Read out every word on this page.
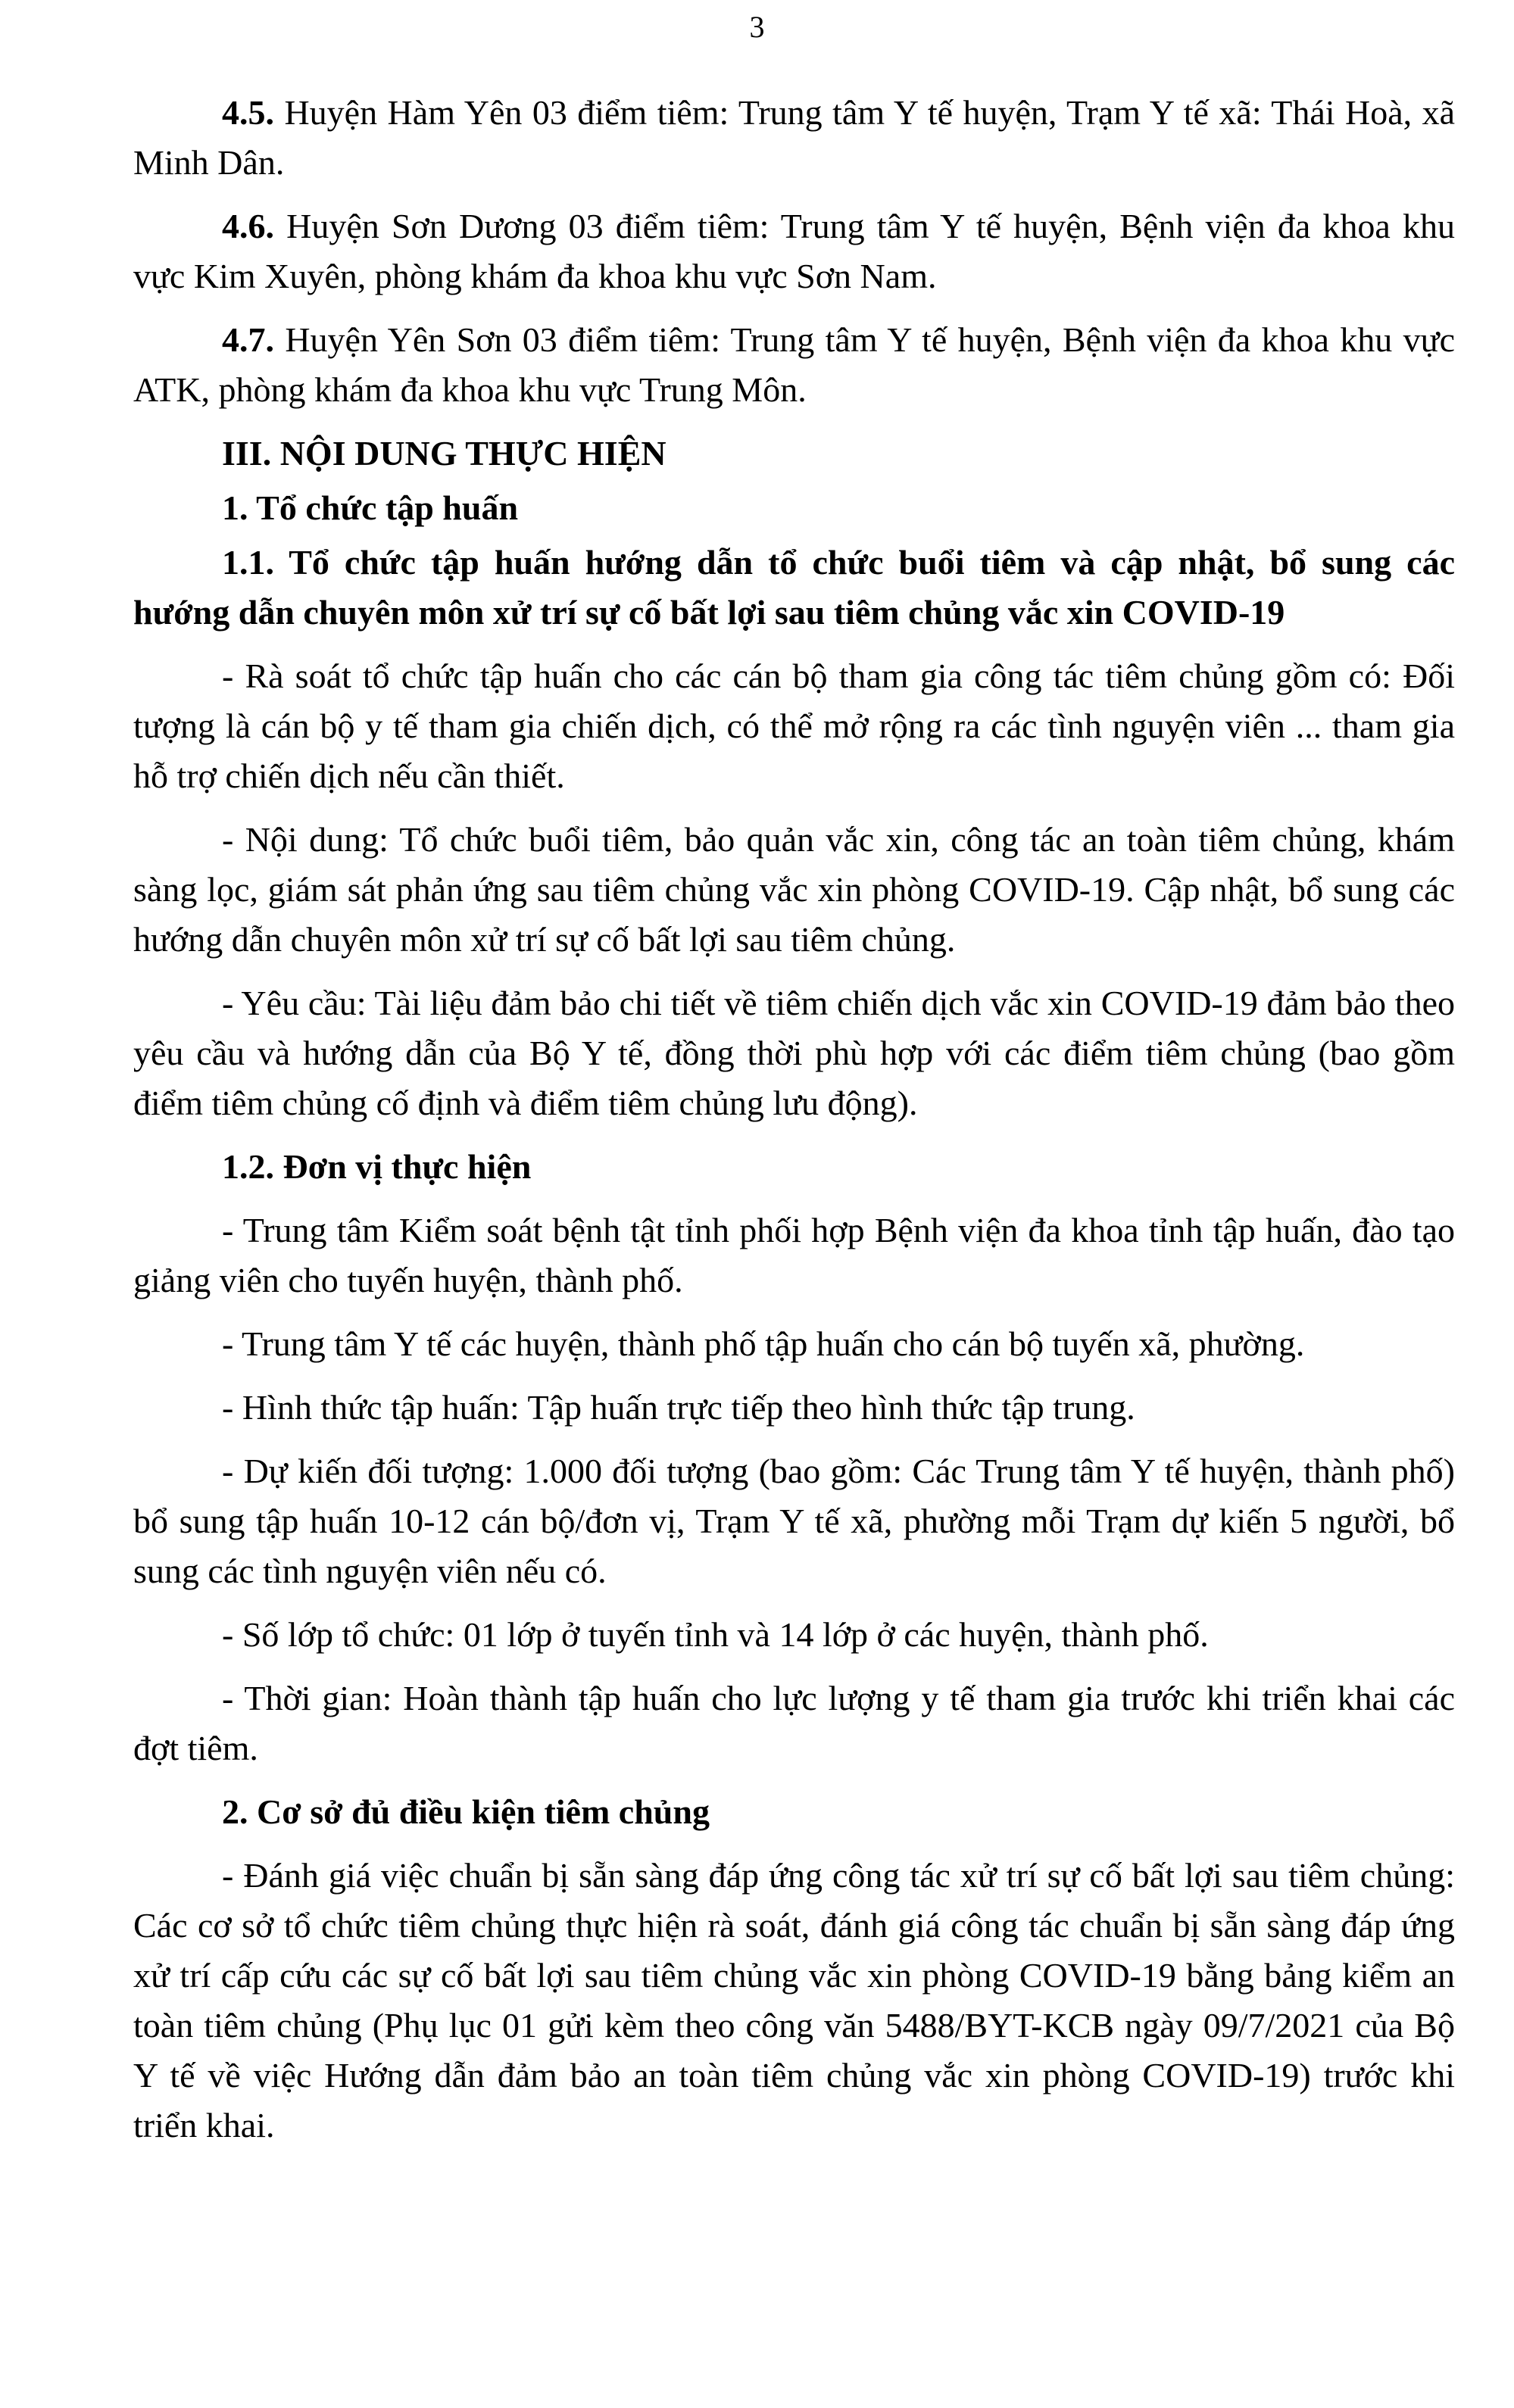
3

4.5. Huyện Hàm Yên 03 điểm tiêm: Trung tâm Y tế huyện, Trạm Y tế xã: Thái Hoà, xã Minh Dân.

4.6. Huyện Sơn Dương 03 điểm tiêm: Trung tâm Y tế huyện, Bệnh viện đa khoa khu vực Kim Xuyên, phòng khám đa khoa khu vực Sơn Nam.

4.7. Huyện Yên Sơn 03 điểm tiêm: Trung tâm Y tế huyện, Bệnh viện đa khoa khu vực ATK, phòng khám đa khoa khu vực Trung Môn.

III. NỘI DUNG THỰC HIỆN

1. Tổ chức tập huấn

1.1. Tổ chức tập huấn hướng dẫn tổ chức buổi tiêm và cập nhật, bổ sung các hướng dẫn chuyên môn xử trí sự cố bất lợi sau tiêm chủng vắc xin COVID-19

- Rà soát tổ chức tập huấn cho các cán bộ tham gia công tác tiêm chủng gồm có: Đối tượng là cán bộ y tế tham gia chiến dịch, có thể mở rộng ra các tình nguyện viên ... tham gia hỗ trợ chiến dịch nếu cần thiết.

- Nội dung: Tổ chức buổi tiêm, bảo quản vắc xin, công tác an toàn tiêm chủng, khám sàng lọc, giám sát phản ứng sau tiêm chủng vắc xin phòng COVID-19. Cập nhật, bổ sung các hướng dẫn chuyên môn xử trí sự cố bất lợi sau tiêm chủng.

- Yêu cầu: Tài liệu đảm bảo chi tiết về tiêm chiến dịch vắc xin COVID-19 đảm bảo theo yêu cầu và hướng dẫn của Bộ Y tế, đồng thời phù hợp với các điểm tiêm chủng (bao gồm điểm tiêm chủng cố định và điểm tiêm chủng lưu động).

1.2. Đơn vị thực hiện

- Trung tâm Kiểm soát bệnh tật tỉnh phối hợp Bệnh viện đa khoa tỉnh tập huấn, đào tạo giảng viên cho tuyến huyện, thành phố.

- Trung tâm Y tế các huyện, thành phố tập huấn cho cán bộ tuyến xã, phường.

- Hình thức tập huấn: Tập huấn trực tiếp theo hình thức tập trung.

- Dự kiến đối tượng: 1.000 đối tượng (bao gồm: Các Trung tâm Y tế huyện, thành phố) bổ sung tập huấn 10-12 cán bộ/đơn vị, Trạm Y tế xã, phường mỗi Trạm dự kiến 5 người, bổ sung các tình nguyện viên nếu có.

- Số lớp tổ chức: 01 lớp ở tuyến tỉnh và 14 lớp ở các huyện, thành phố.

- Thời gian: Hoàn thành tập huấn cho lực lượng y tế tham gia trước khi triển khai các đợt tiêm.

2. Cơ sở đủ điều kiện tiêm chủng

- Đánh giá việc chuẩn bị sẵn sàng đáp ứng công tác xử trí sự cố bất lợi sau tiêm chủng: Các cơ sở tổ chức tiêm chủng thực hiện rà soát, đánh giá công tác chuẩn bị sẵn sàng đáp ứng xử trí cấp cứu các sự cố bất lợi sau tiêm chủng vắc xin phòng COVID-19 bằng bảng kiểm an toàn tiêm chủng (Phụ lục 01 gửi kèm theo công văn 5488/BYT-KCB ngày 09/7/2021 của Bộ Y tế về việc Hướng dẫn đảm bảo an toàn tiêm chủng vắc xin phòng COVID-19) trước khi triển khai.
